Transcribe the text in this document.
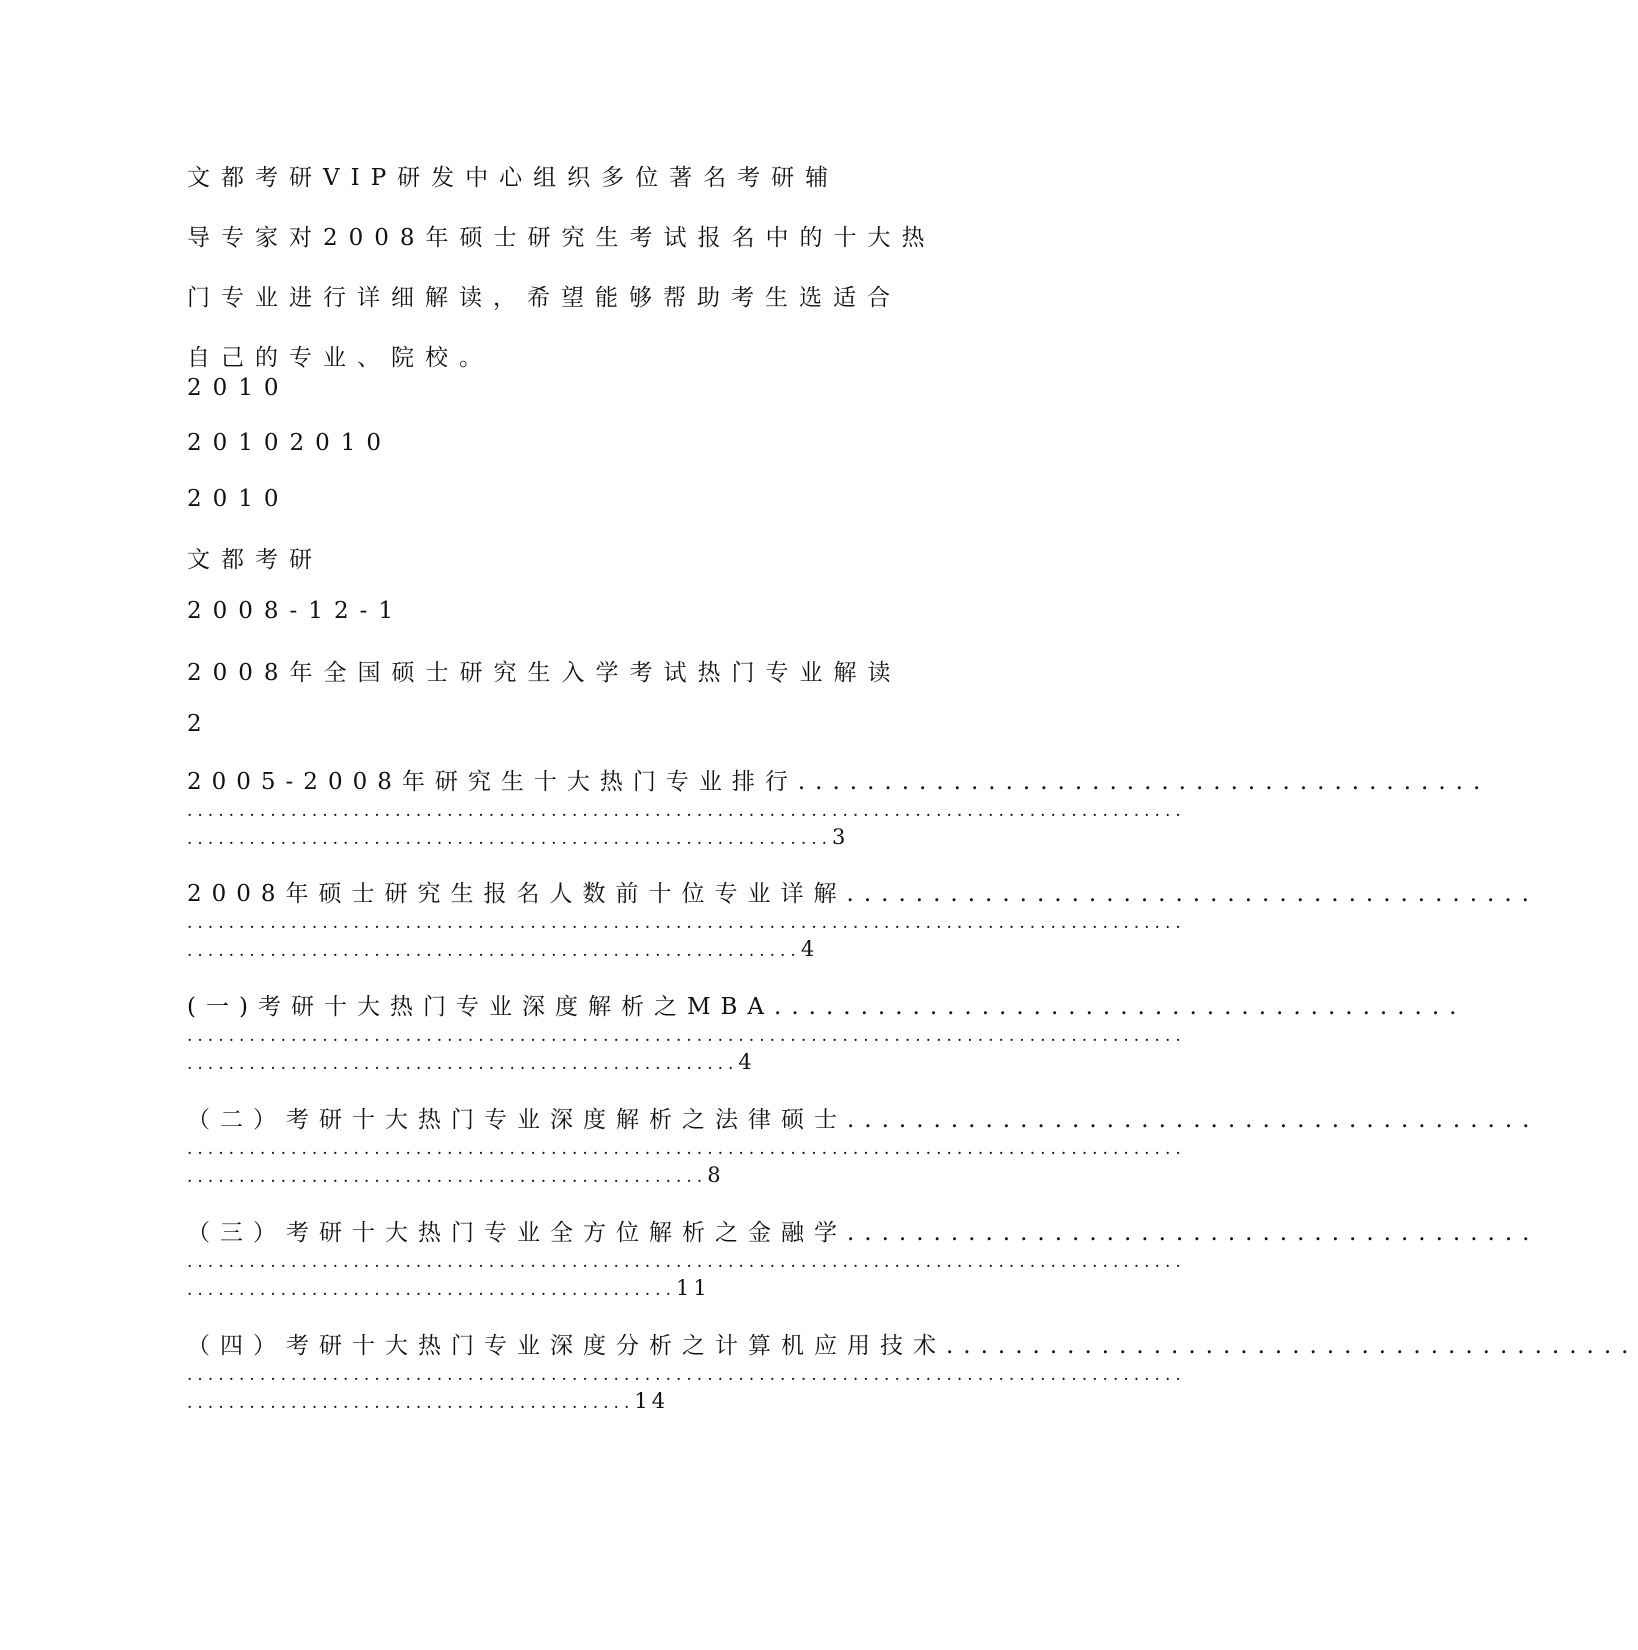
文都考研VIP研发中心组织多位著名考研辅

导专家对2008年硕士研究生考试报名中的十大热

门专业进行详细解读，希望能够帮助考生选适合

自己的专业、院校。

2010
20102010
2010
文都考研
2008-12-1
2008年全国硕士研究生入学考试热门专业解读
2
2005-2008年研究生十大热门专业排行........................................
................................................................................................
..............................................................3
2008年硕士研究生报名人数前十位专业详解........................................
................................................................................................
...........................................................4
(一)考研十大热门专业深度解析之MBA........................................
................................................................................................
.....................................................4
（二）考研十大热门专业深度解析之法律硕士........................................
................................................................................................
..................................................8
（三）考研十大热门专业全方位解析之金融学........................................
................................................................................................
...............................................11
（四）考研十大热门专业深度分析之计算机应用技术........................................
................................................................................................
...........................................14
